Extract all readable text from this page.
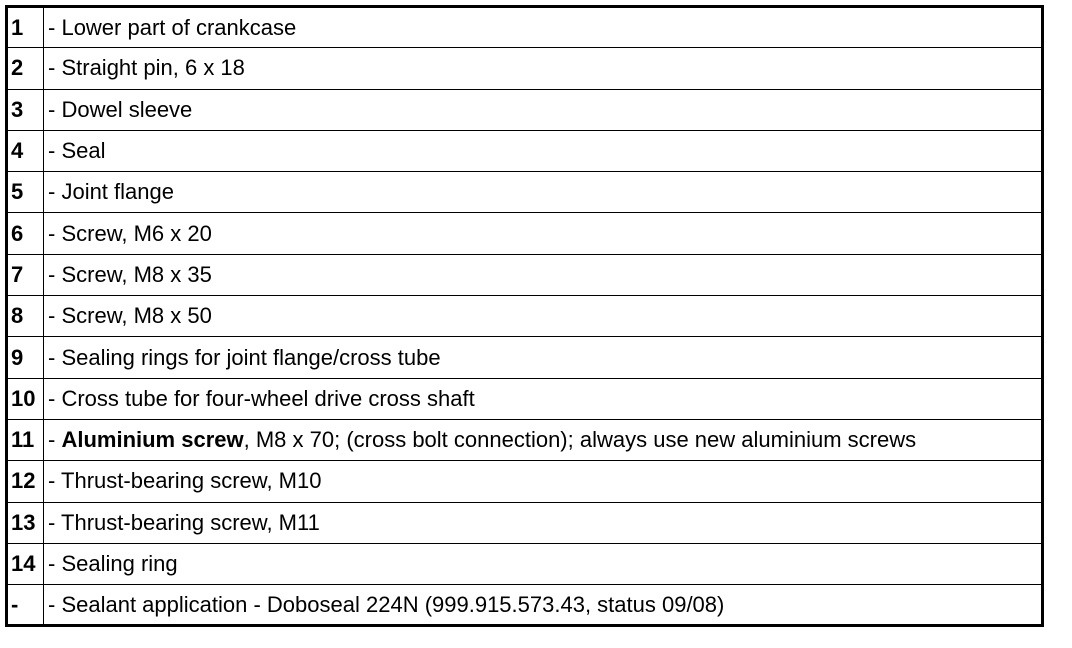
1	- Lower part of crankcase
2	- Straight pin, 6 x 18
3	- Dowel sleeve
4	- Seal
5	- Joint flange
6	- Screw, M6 x 20
7	- Screw, M8 x 35
8	- Screw, M8 x 50
9	- Sealing rings for joint flange/cross tube
10	- Cross tube for four-wheel drive cross shaft
11	- Aluminium screw, M8 x 70; (cross bolt connection); always use new aluminium screws
12	- Thrust-bearing screw, M10
13	- Thrust-bearing screw, M11
14	- Sealing ring
-	- Sealant application - Doboseal 224N (999.915.573.43, status 09/08)
